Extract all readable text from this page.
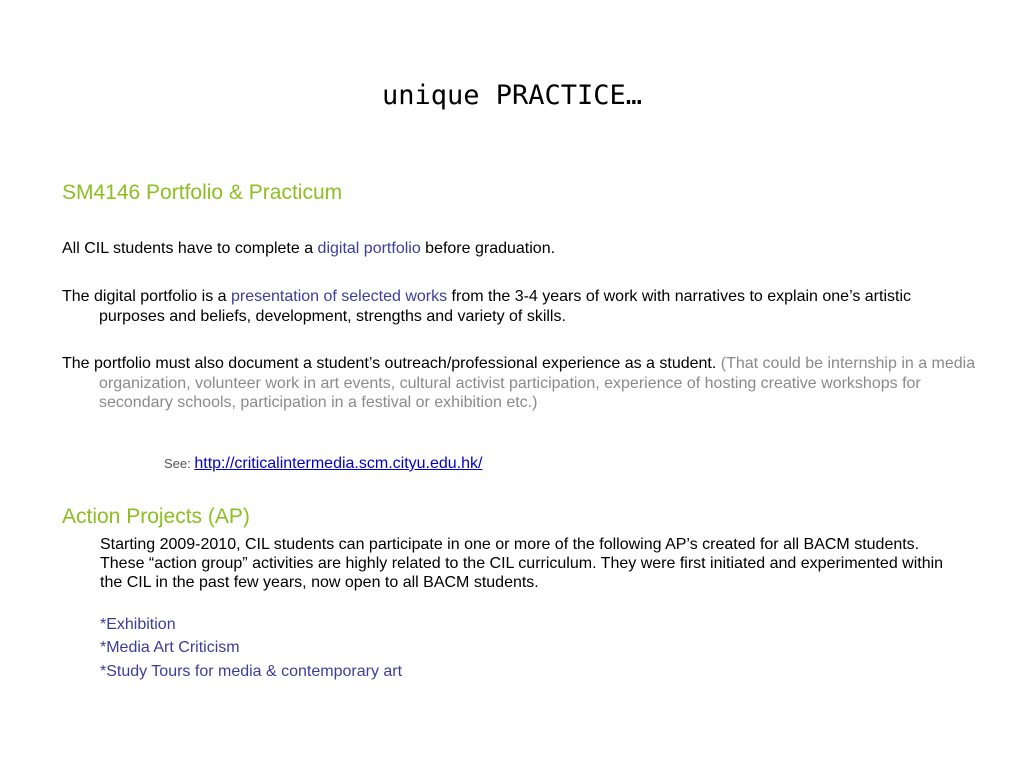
unique PRACTICE…
SM4146 Portfolio & Practicum

All CIL students have to complete a digital portfolio before graduation.

The digital portfolio is a presentation of selected works from the 3-4 years of work with narratives to explain one’s artistic purposes and beliefs, development, strengths and variety of skills.

The portfolio must also document a student’s outreach/professional experience as a student. (That could be internship in a media organization, volunteer work in art events, cultural activist participation, experience of hosting creative workshops for secondary schools, participation in a festival or exhibition etc.)

See: http://criticalintermedia.scm.cityu.edu.hk/
Action Projects (AP)

Starting 2009-2010, CIL students can participate in one or more of the following AP’s created for all BACM students. These “action group” activities are highly related to the CIL curriculum. They were first initiated and experimented within the CIL in the past few years, now open to all BACM students.

*Exhibition
*Media Art Criticism
*Study Tours for media & contemporary art
